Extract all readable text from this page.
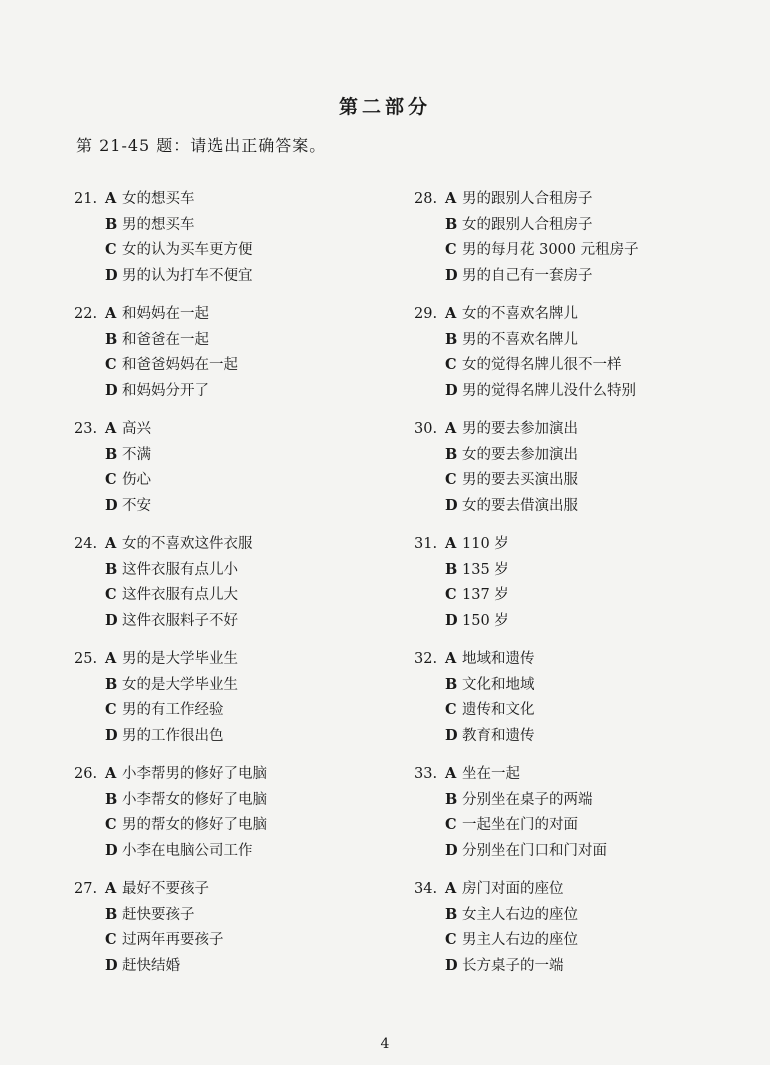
第二部分
第 21-45 题：请选出正确答案。
21. A 女的想买车
B 男的想买车
C 女的认为买车更方便
D 男的认为打车不便宜
22. A 和妈妈在一起
B 和爸爸在一起
C 和爸爸妈妈在一起
D 和妈妈分开了
23. A 高兴
B 不满
C 伤心
D 不安
24. A 女的不喜欢这件衣服
B 这件衣服有点儿小
C 这件衣服有点儿大
D 这件衣服料子不好
25. A 男的是大学毕业生
B 女的是大学毕业生
C 男的有工作经验
D 男的工作很出色
26. A 小李帮男的修好了电脑
B 小李帮女的修好了电脑
C 男的帮女的修好了电脑
D 小李在电脑公司工作
27. A 最好不要孩子
B 赶快要孩子
C 过两年再要孩子
D 赶快结婚
28. A 男的跟别人合租房子
B 女的跟别人合租房子
C 男的每月花 3000 元租房子
D 男的自己有一套房子
29. A 女的不喜欢名牌儿
B 男的不喜欢名牌儿
C 女的觉得名牌儿很不一样
D 男的觉得名牌儿没什么特别
30. A 男的要去参加演出
B 女的要去参加演出
C 男的要去买演出服
D 女的要去借演出服
31. A 110 岁
B 135 岁
C 137 岁
D 150 岁
32. A 地域和遗传
B 文化和地域
C 遗传和文化
D 教育和遗传
33. A 坐在一起
B 分别坐在桌子的两端
C 一起坐在门的对面
D 分别坐在门口和门对面
34. A 房门对面的座位
B 女主人右边的座位
C 男主人右边的座位
D 长方桌子的一端
4
